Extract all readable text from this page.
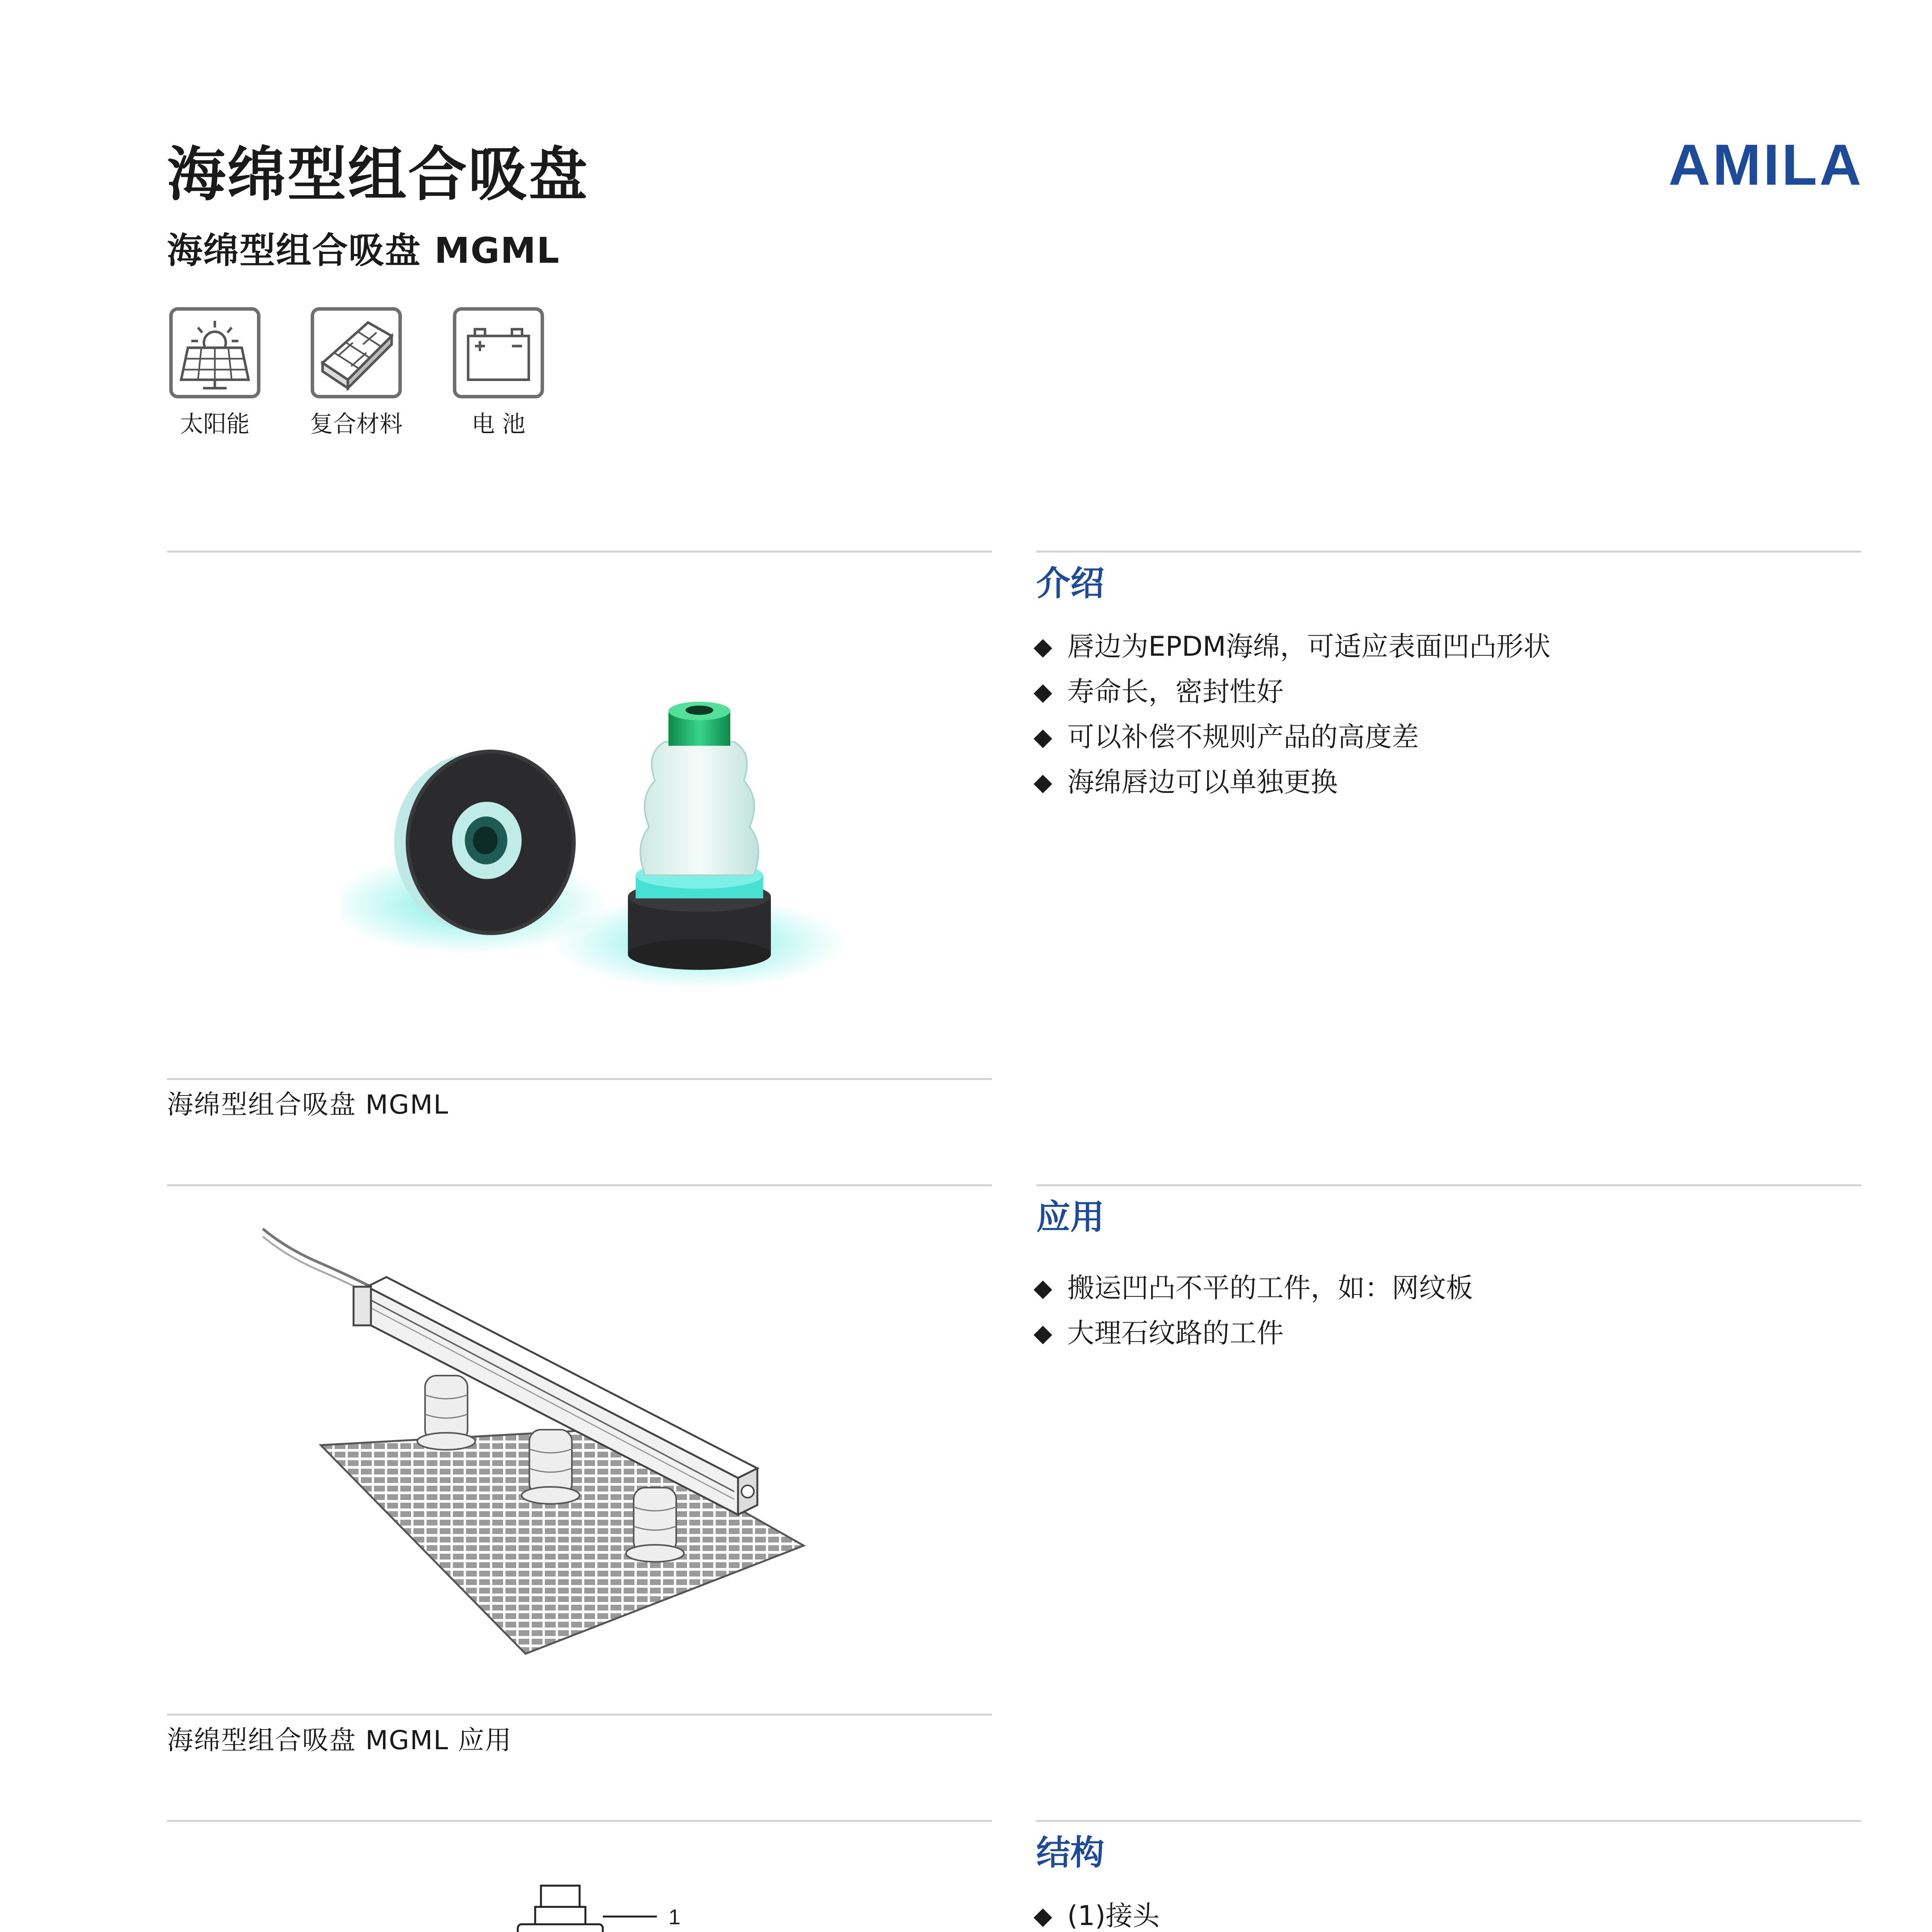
海绵型组合吸盘
海绵型组合吸盘 MGML
AMILA
太阳能	复合材料	电 池
介绍
唇边为EPDM海绵，可适应表面凹凸形状
寿命长，密封性好
可以补偿不规则产品的高度差
海绵唇边可以单独更换
海绵型组合吸盘 MGML
应用
搬运凹凸不平的工件，如：网纹板
大理石纹路的工件
海绵型组合吸盘 MGML 应用
结构
(1)接头
1
